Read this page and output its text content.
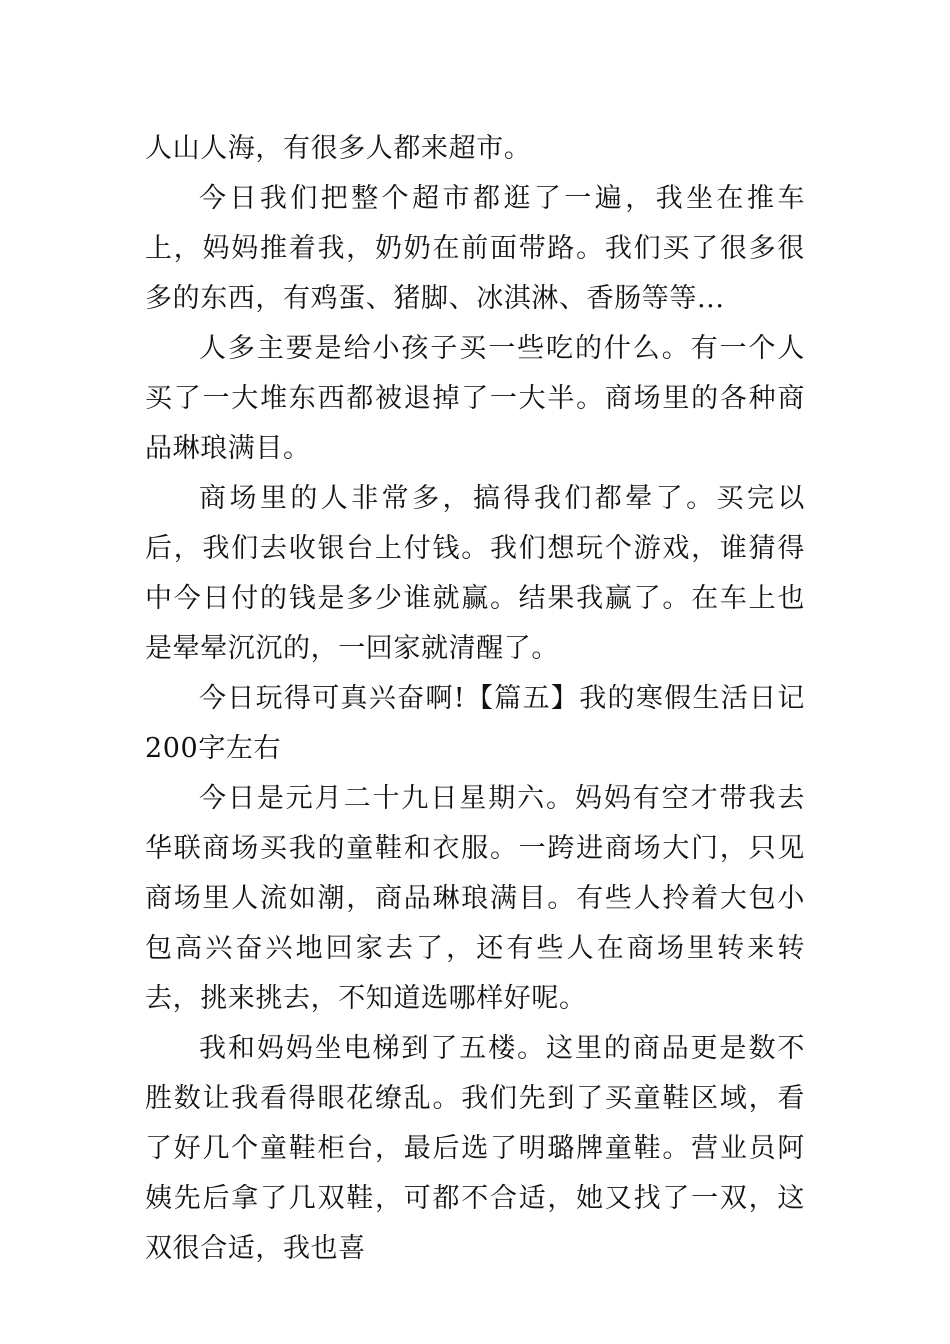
人山人海，有很多人都来超市。

今日我们把整个超市都逛了一遍，我坐在推车上，妈妈推着我，奶奶在前面带路。我们买了很多很多的东西，有鸡蛋、猪脚、冰淇淋、香肠等等...

人多主要是给小孩子买一些吃的什么。有一个人买了一大堆东西都被退掉了一大半。商场里的各种商品琳琅满目。

商场里的人非常多，搞得我们都晕了。买完以后，我们去收银台上付钱。我们想玩个游戏，谁猜得中今日付的钱是多少谁就赢。结果我赢了。在车上也是晕晕沉沉的，一回家就清醒了。

今日玩得可真兴奋啊!【篇五】我的寒假生活日记200字左右

今日是元月二十九日星期六。妈妈有空才带我去华联商场买我的童鞋和衣服。一跨进商场大门，只见商场里人流如潮，商品琳琅满目。有些人拎着大包小包高兴奋兴地回家去了，还有些人在商场里转来转去，挑来挑去，不知道选哪样好呢。

我和妈妈坐电梯到了五楼。这里的商品更是数不胜数让我看得眼花缭乱。我们先到了买童鞋区域，看了好几个童鞋柜台，最后选了明璐牌童鞋。营业员阿姨先后拿了几双鞋，可都不合适，她又找了一双，这双很合适，我也喜
